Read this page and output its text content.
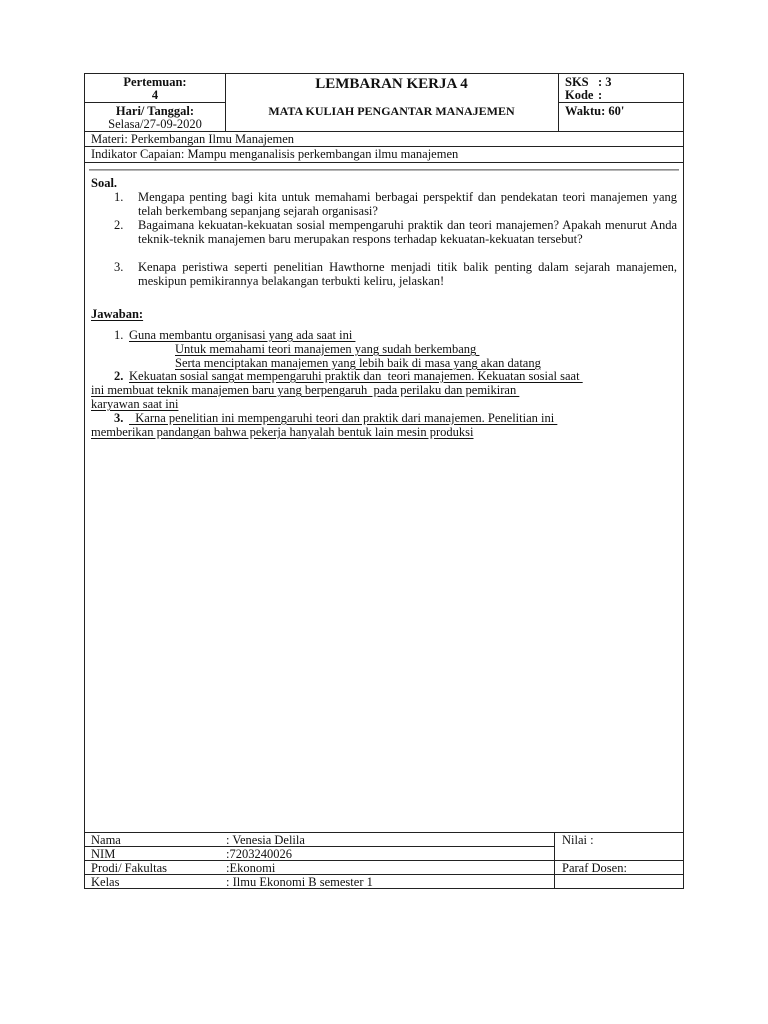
Pertemuan:
4
Hari/ Tanggal:
Selasa/27-09-2020
LEMBARAN KERJA 4
MATA KULIAH PENGANTAR MANAJEMEN
SKS : 3
Kode :
Waktu: 60'
Materi: Perkembangan Ilmu Manajemen
Indikator Capaian: Mampu menganalisis perkembangan ilmu manajemen
Soal.
1. Mengapa penting bagi kita untuk memahami berbagai perspektif dan pendekatan teori manajemen yang telah berkembang sepanjang sejarah organisasi?
2. Bagaimana kekuatan-kekuatan sosial mempengaruhi praktik dan teori manajemen? Apakah menurut Anda teknik-teknik manajemen baru merupakan respons terhadap kekuatan-kekuatan tersebut?
3. Kenapa peristiwa seperti penelitian Hawthorne menjadi titik balik penting dalam sejarah manajemen, meskipun pemikirannya belakangan terbukti keliru, jelaskan!
Jawaban:
1. Guna membantu organisasi yang ada saat ini
Untuk memahami teori manajemen yang sudah berkembang
Serta menciptakan manajemen yang lebih baik di masa yang akan datang
2. Kekuatan sosial sangat mempengaruhi praktik dan  teori manajemen. Kekuatan sosial saat
ini membuat teknik manajemen baru yang berpengaruh  pada perilaku dan pemikiran
karyawan saat ini
3. Karna penelitian ini mempengaruhi teori dan praktik dari manajemen. Penelitian ini
memberikan pandangan bahwa pekerja hanyalah bentuk lain mesin produksi
Nama	: Venesia Delila
NIM	:7203240026
Prodi/ Fakultas	:Ekonomi
Kelas	: Ilmu Ekonomi B semester 1
Nilai :
Paraf Dosen:
